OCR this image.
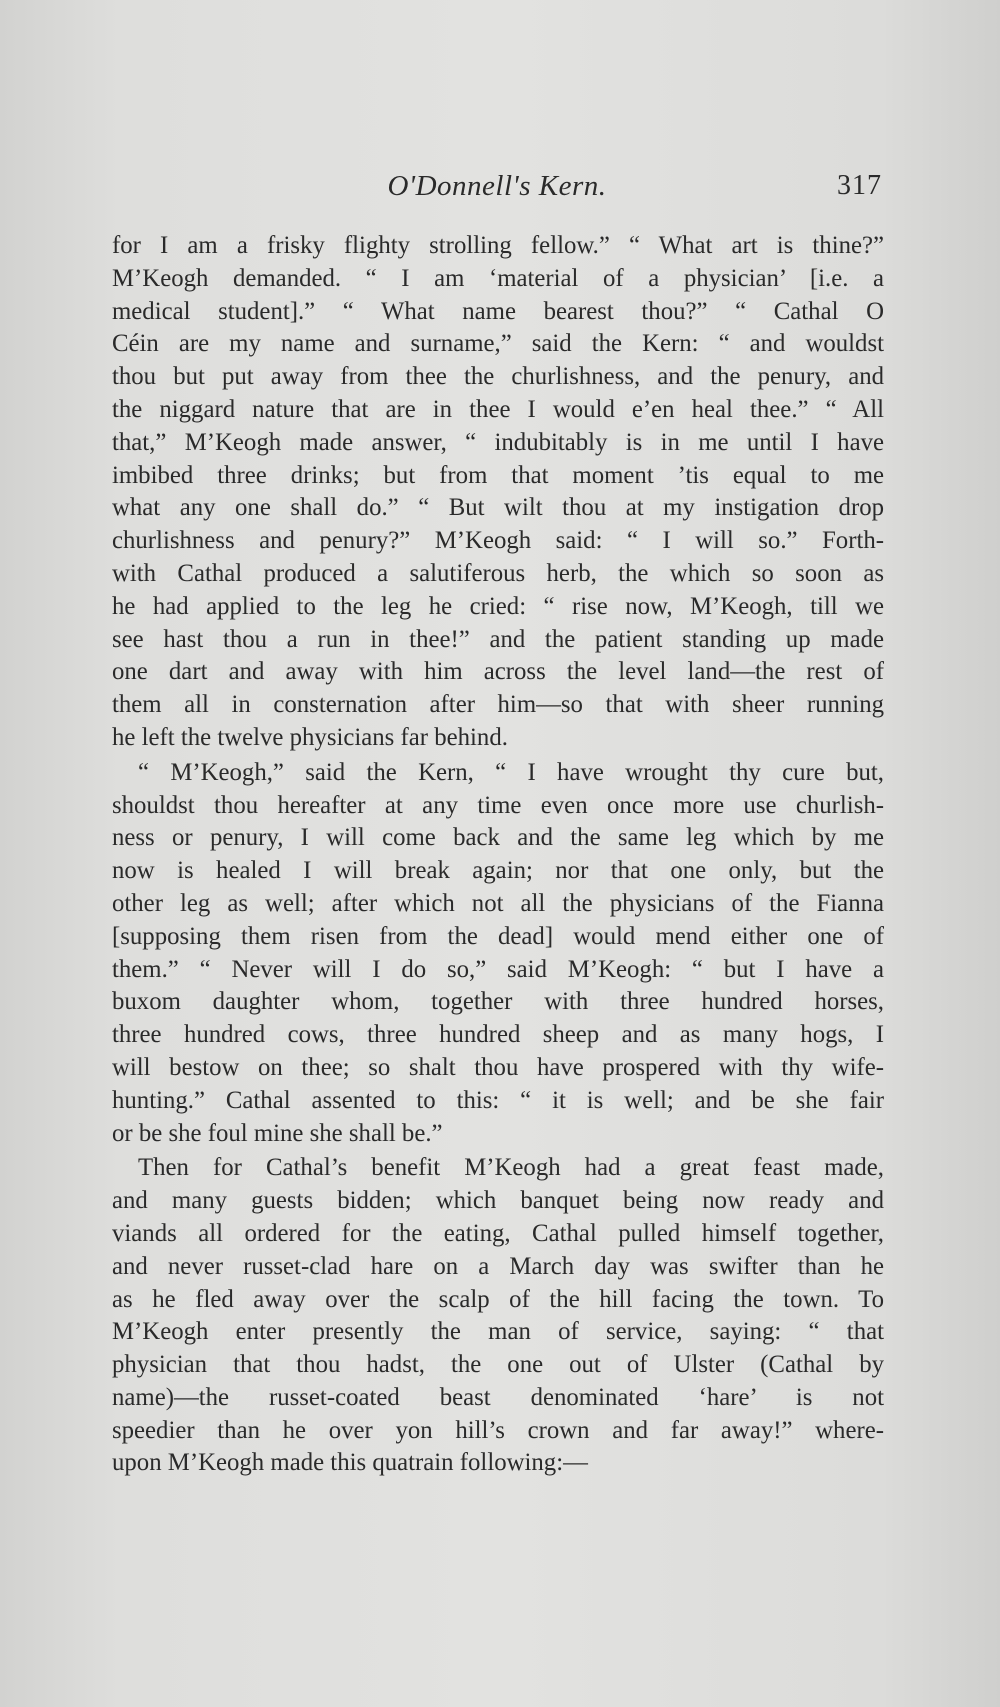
O'Donnell's Kern.	317
for I am a frisky flighty strolling fellow.” “ What art is thine?”
M’Keogh demanded. “ I am ‘material of a physician’ [i.e. a
medical student].” “ What name bearest thou?” “ Cathal O
Céin are my name and surname,” said the Kern: “ and wouldst
thou but put away from thee the churlishness, and the penury, and
the niggard nature that are in thee I would e’en heal thee.” “ All
that,” M’Keogh made answer, “ indubitably is in me until I have
imbibed three drinks; but from that moment ’tis equal to me
what any one shall do.” “ But wilt thou at my instigation drop
churlishness and penury?” M’Keogh said: “ I will so.” Forth-
with Cathal produced a salutiferous herb, the which so soon as
he had applied to the leg he cried: “ rise now, M’Keogh, till we
see hast thou a run in thee!” and the patient standing up made
one dart and away with him across the level land—the rest of
them all in consternation after him—so that with sheer running
he left the twelve physicians far behind.
“ M’Keogh,” said the Kern, “ I have wrought thy cure but,
shouldst thou hereafter at any time even once more use churlish-
ness or penury, I will come back and the same leg which by me
now is healed I will break again; nor that one only, but the
other leg as well; after which not all the physicians of the Fianna
[supposing them risen from the dead] would mend either one of
them.” “ Never will I do so,” said M’Keogh: “ but I have a
buxom daughter whom, together with three hundred horses,
three hundred cows, three hundred sheep and as many hogs, I
will bestow on thee; so shalt thou have prospered with thy wife-
hunting.” Cathal assented to this: “ it is well; and be she fair
or be she foul mine she shall be.”
Then for Cathal’s benefit M’Keogh had a great feast made,
and many guests bidden; which banquet being now ready and
viands all ordered for the eating, Cathal pulled himself together,
and never russet-clad hare on a March day was swifter than he
as he fled away over the scalp of the hill facing the town. To
M’Keogh enter presently the man of service, saying: “ that
physician that thou hadst, the one out of Ulster (Cathal by
name)—the russet-coated beast denominated ‘hare’ is not
speedier than he over yon hill’s crown and far away!” where-
upon M’Keogh made this quatrain following:—
